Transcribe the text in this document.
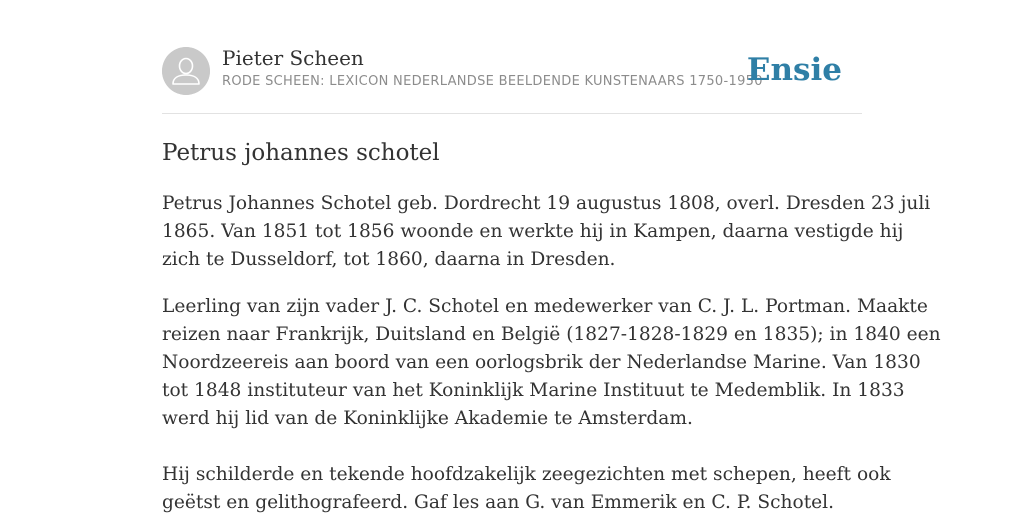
Pieter Scheen
RODE SCHEEN: LEXICON NEDERLANDSE BEELDENDE KUNSTENAARS 1750-1950
Ensie
Petrus johannes schotel

Petrus Johannes Schotel geb. Dordrecht 19 augustus 1808, overl. Dresden 23 juli
1865. Van 1851 tot 1856 woonde en werkte hij in Kampen, daarna vestigde hij
zich te Dusseldorf, tot 1860, daarna in Dresden.

Leerling van zijn vader J. C. Schotel en medewerker van C. J. L. Portman. Maakte
reizen naar Frankrijk, Duitsland en België (1827-1828-1829 en 1835); in 1840 een
Noordzeereis aan boord van een oorlogsbrik der Nederlandse Marine. Van 1830
tot 1848 instituteur van het Koninklijk Marine Instituut te Medemblik. In 1833
werd hij lid van de Koninklijke Akademie te Amsterdam.

Hij schilderde en tekende hoofdzakelijk zeegezichten met schepen, heeft ook
geëtst en gelithografeerd. Gaf les aan G. van Emmerik en C. P. Schotel.
